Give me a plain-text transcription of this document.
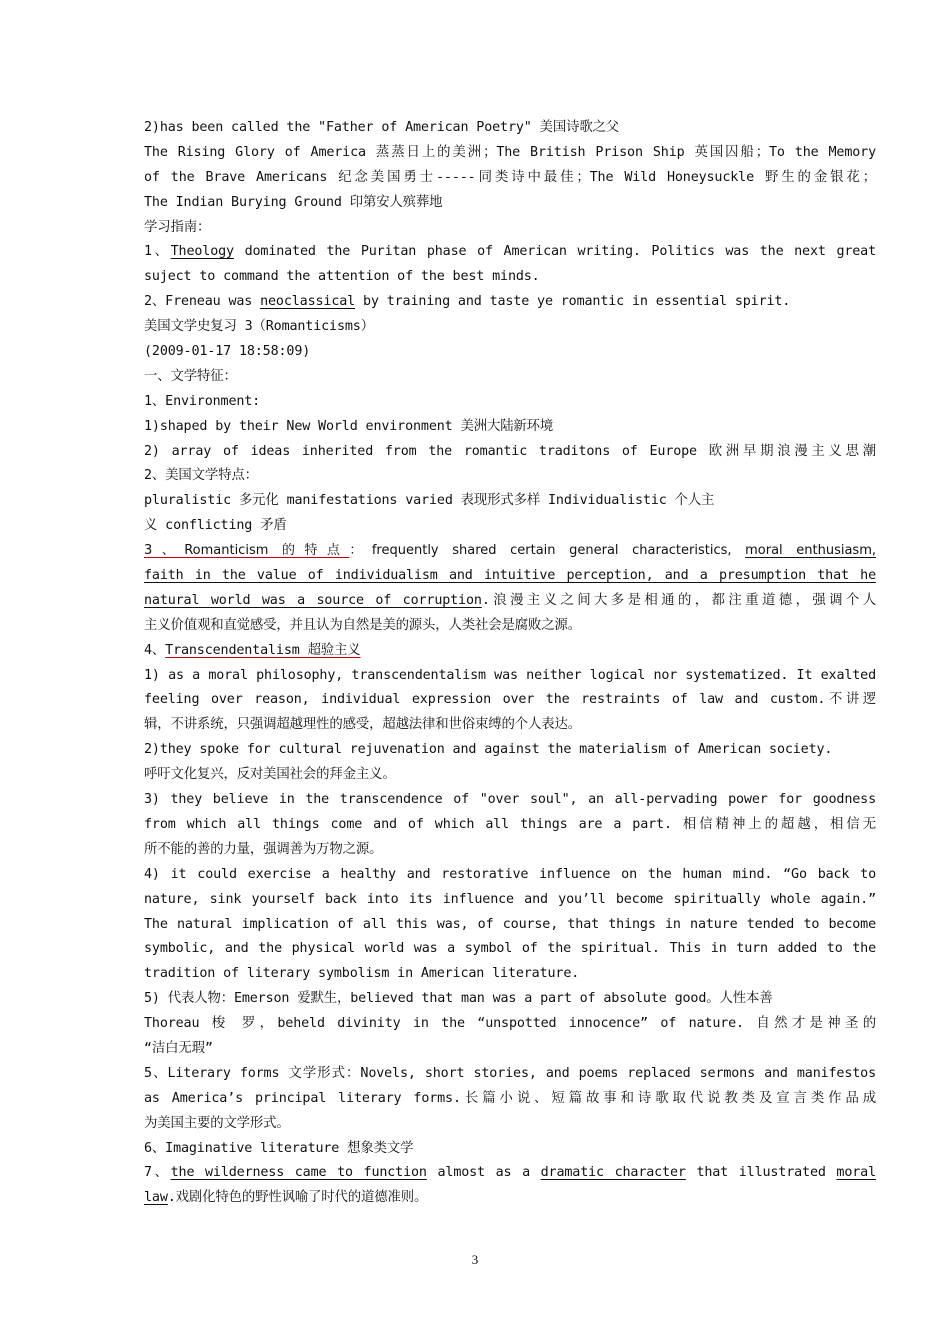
2)has been called the "Father of American Poetry" 美国诗歌之父
The Rising Glory of America 蒸蒸日上的美洲；The British Prison Ship 英国囚船；To the Memory
of the Brave Americans 纪念美国勇士-----同类诗中最佳；The Wild Honeysuckle 野生的金银花；
The Indian Burying Ground 印第安人殡葬地
学习指南：
1、Theology dominated the Puritan phase of American writing. Politics was the next great
suject to command the attention of the best minds.
2、Freneau was neoclassical by training and taste ye romantic in essential spirit.
美国文学史复习 3（Romanticisms）
(2009-01-17 18:58:09)
一、文学特征：
1、Environment:
1)shaped by their New World environment 美洲大陆新环境
2) array of ideas inherited from the romantic traditons of Europe 欧洲早期浪漫主义思潮
2、美国文学特点：
pluralistic 多元化 manifestations varied 表现形式多样 Individualistic 个人主
义 conflicting 矛盾
3、Romanticism 的特点：frequently shared certain general characteristics, moral enthusiasm,
faith in the value of individualism and intuitive perception, and a presumption that he
natural world was a source of corruption.浪漫主义之间大多是相通的，都注重道德，强调个人
主义价值观和直觉感受，并且认为自然是美的源头，人类社会是腐败之源。
4、Transcendentalism 超验主义
1) as a moral philosophy, transcendentalism was neither logical nor systematized. It exalted
feeling over reason, individual expression over the restraints of law and custom.不讲逻
辑，不讲系统，只强调超越理性的感受，超越法律和世俗束缚的个人表达。
2)they spoke for cultural rejuvenation and against the materialism of American society.
呼吁文化复兴，反对美国社会的拜金主义。
3) they believe in the transcendence of "over soul", an all-pervading power for goodness
from which all things come and of which all things are a part. 相信精神上的超越，相信无
所不能的善的力量，强调善为万物之源。
4) it could exercise a healthy and restorative influence on the human mind. “Go back to
nature, sink yourself back into its influence and you’ll become spiritually whole again.”
The natural implication of all this was, of course, that things in nature tended to become
symbolic, and the physical world was a symbol of the spiritual. This in turn added to the
tradition of literary symbolism in American literature.
5) 代表人物：Emerson 爱默生，believed that man was a part of absolute good。人性本善
Thoreau 梭 罗，beheld divinity in the “unspotted innocence” of nature. 自然才是神圣的
“洁白无瑕”
5、Literary forms 文学形式：Novels, short stories, and poems replaced sermons and manifestos
as America’s principal literary forms.长篇小说、短篇故事和诗歌取代说教类及宣言类作品成
为美国主要的文学形式。
6、Imaginative literature 想象类文学
7、the wilderness came to function almost as a dramatic character that illustrated moral
law.戏剧化特色的野性讽喻了时代的道德准则。
3
